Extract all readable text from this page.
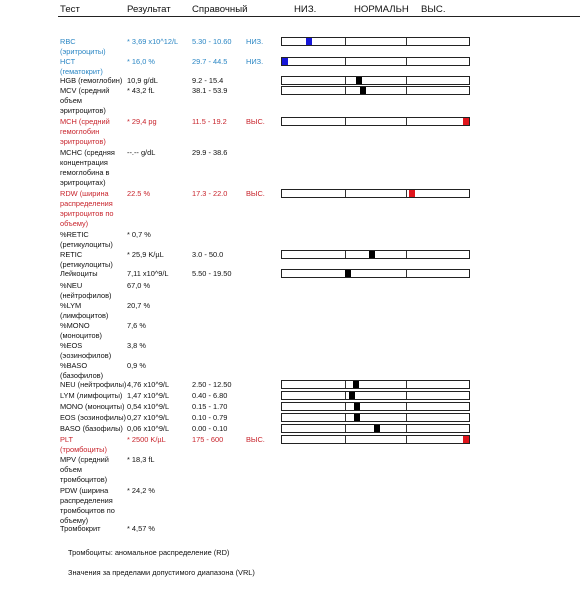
Тест	Результат Справочный	НИЗ.	НОРМАЛЬН ВЫС.
RBC
(эритроциты)
* 3,69 x10^12/L 5.30 - 10.60 НИЗ.
HCT
(гематокрит)
* 16,0 %	29.7 - 44.5	НИЗ.
HGB (гемоглобин) 10,9 g/dL	9.2 - 15.4
MCV (средний
объем
эритроцитов)
* 43,2 fL	38.1 - 53.9
MCH (средний
гемоглобин
эритроцитов)
* 29,4 pg	11.5 - 19.2	ВЫС.
MCHC (средняя
концентрация
гемоглобина в
эритроцитах)
--.-- g/dL	29.9 - 38.6
RDW (ширина
распределения
эритроцитов по
объему)
22.5 %	17.3 - 22.0	ВЫС.
%RETIC
(ретикулоциты)
* 0,7 %
RETIC
(ретикулоциты)
* 25,9 K/µL	3.0 - 50.0
Лейкоциты	7,11 x10^9/L	5.50 - 19.50
%NEU
(нейтрофилов)
67,0 %
%LYM
(лимфоцитов)
20,7 %
%MONO
(моноцитов)
7,6 %
%EOS
(эозинофилов)
3,8 %
%BASO
(базофилов)
0,9 %
NEU (нейтрофилы) 4,76 x10^9/L	2.50 - 12.50
LYM (лимфоциты) 1,47 x10^9/L	0.40 - 6.80
MONO (моноциты) 0,54 x10^9/L	0.15 - 1.70
EOS (эозинофилы) 0,27 x10^9/L	0.10 - 0.79
BASO (базофилы) 0,06 x10^9/L	0.00 - 0.10
PLT
(тромбоциты)
* 2500 K/µL	175 - 600	ВЫС.
MPV (средний
объем
тромбоцитов)
* 18,3 fL
PDW (ширина
распределения
тромбоцитов по
объему)
* 24,2 %
Тромбокрит	* 4,57 %
Тромбоциты: аномальное распределение (RD)
Значения за пределами допустимого диапазона (VRL)
